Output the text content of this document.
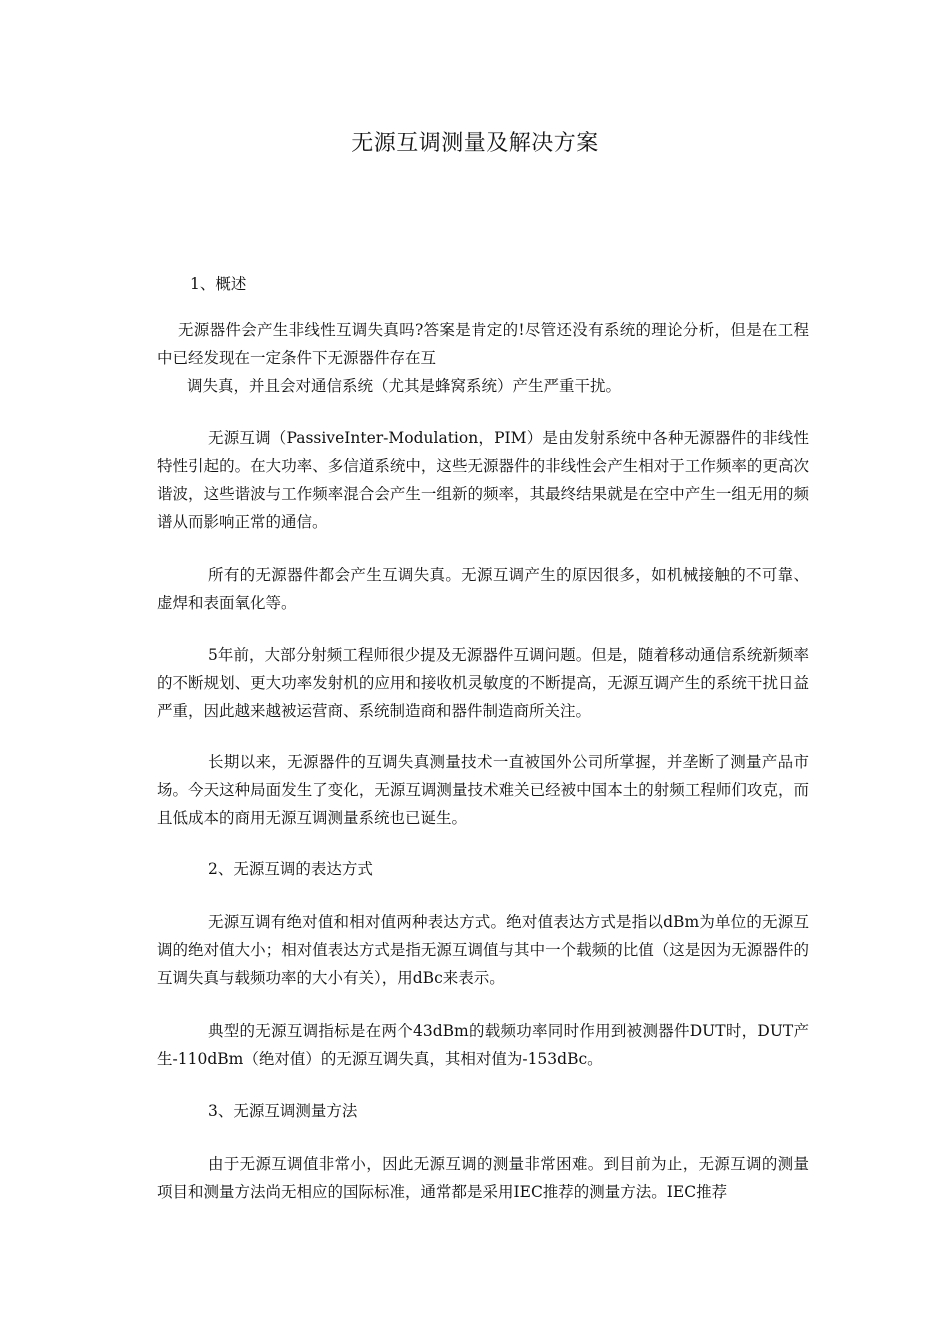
无源互调测量及解决方案
1、概述

无源器件会产生非线性互调失真吗?答案是肯定的!尽管还没有系统的理论分析，但是在工程中已经发现在一定条件下无源器件存在互

调失真，并且会对通信系统（尤其是蜂窝系统）产生严重干扰。

无源互调（PassiveInter-Modulation，PIM）是由发射系统中各种无源器件的非线性特性引起的。在大功率、多信道系统中，这些无源器件的非线性会产生相对于工作频率的更高次谐波，这些谐波与工作频率混合会产生一组新的频率，其最终结果就是在空中产生一组无用的频谱从而影响正常的通信。

所有的无源器件都会产生互调失真。无源互调产生的原因很多，如机械接触的不可靠、虚焊和表面氧化等。

5年前，大部分射频工程师很少提及无源器件互调问题。但是，随着移动通信系统新频率的不断规划、更大功率发射机的应用和接收机灵敏度的不断提高，无源互调产生的系统干扰日益严重，因此越来越被运营商、系统制造商和器件制造商所关注。

长期以来，无源器件的互调失真测量技术一直被国外公司所掌握，并垄断了测量产品市场。今天这种局面发生了变化，无源互调测量技术难关已经被中国本土的射频工程师们攻克，而且低成本的商用无源互调测量系统也已诞生。

2、无源互调的表达方式

无源互调有绝对值和相对值两种表达方式。绝对值表达方式是指以dBm为单位的无源互调的绝对值大小；相对值表达方式是指无源互调值与其中一个载频的比值（这是因为无源器件的互调失真与载频功率的大小有关），用dBc来表示。

典型的无源互调指标是在两个43dBm的载频功率同时作用到被测器件DUT时，DUT产生-110dBm（绝对值）的无源互调失真，其相对值为-153dBc。

3、无源互调测量方法

由于无源互调值非常小，因此无源互调的测量非常困难。到目前为止，无源互调的测量项目和测量方法尚无相应的国际标准，通常都是采用IEC推荐的测量方法。IEC推荐
